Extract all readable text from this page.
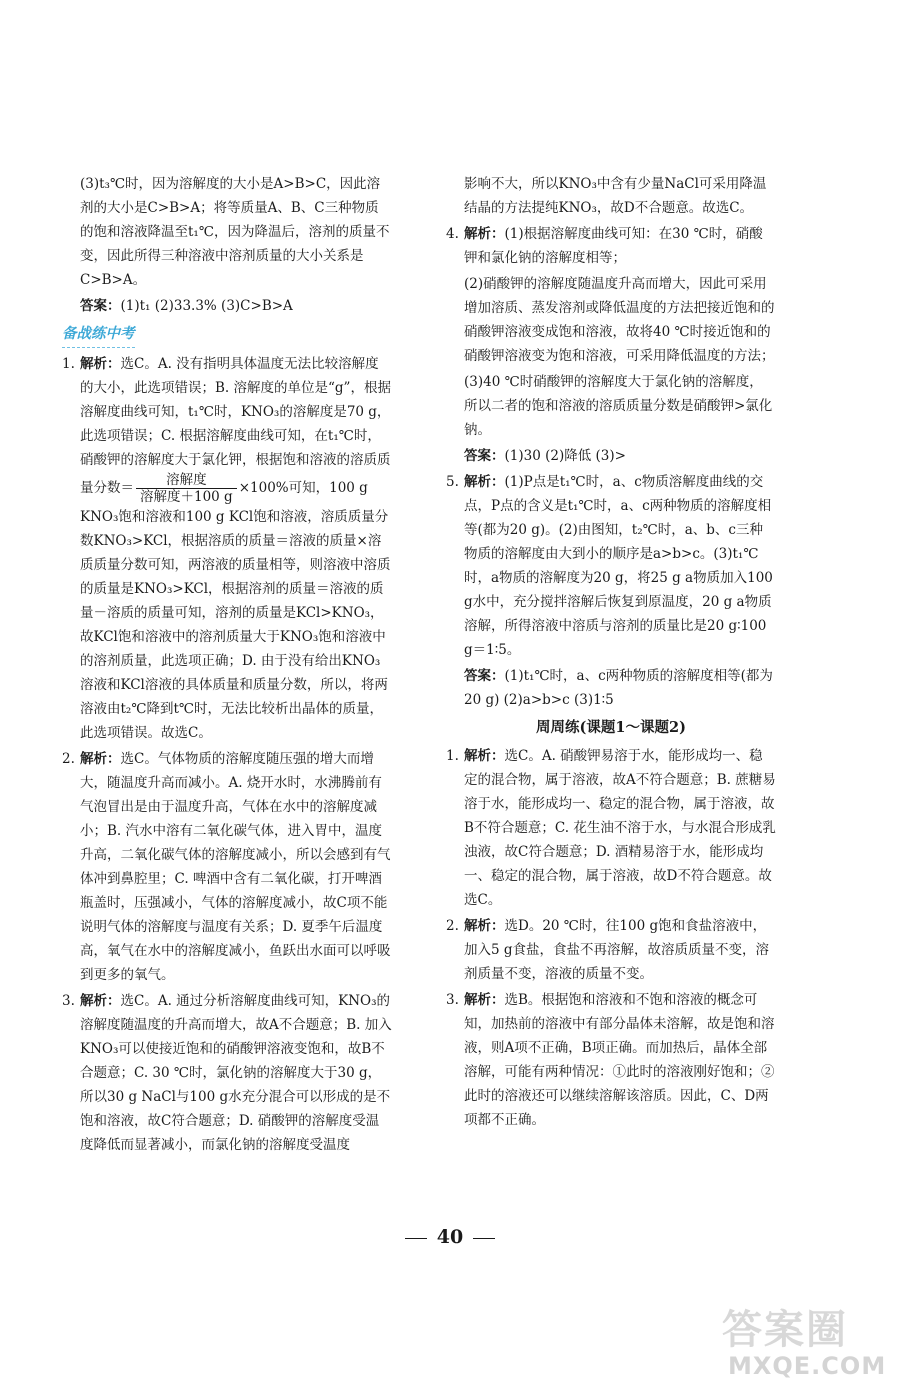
(3)t₃℃时，因为溶解度的大小是A>B>C，因此溶剂的大小是C>B>A；将等质量A、B、C三种物质的饱和溶液降温至t₁℃，因为降温后，溶剂的质量不变，因此所得三种溶液中溶剂质量的大小关系是C>B>A。

答案：(1)t₁ (2)33.3% (3)C>B>A

备战练中考
1. 解析：选C。A. 没有指明具体温度无法比较溶解度的大小，此选项错误；B. 溶解度的单位是“g”，根据溶解度曲线可知，t₁℃时，KNO₃的溶解度是70 g，此选项错误；C. 根据溶解度曲线可知，在t₁℃时，硝酸钾的溶解度大于氯化钾，根据饱和溶液的溶质质量分数＝ $\frac{\text{溶解度}}{\text{溶解度＋100 g}} \times 100\%$可知，100 g KNO₃饱和溶液和100 g KCl饱和溶液，溶质质量分数KNO₃>KCl，根据溶质的质量＝溶液的质量×溶质质量分数可知，两溶液的质量相等，则溶液中溶质的质量是KNO₃>KCl，根据溶剂的质量＝溶液的质量－溶质的质量可知，溶剂的质量是KCl>KNO₃，故KCl饱和溶液中的溶剂质量大于KNO₃饱和溶液中的溶剂质量，此选项正确；D. 由于没有给出KNO₃溶液和KCl溶液的具体质量和质量分数，所以，将两溶液由t₂℃降到t℃时，无法比较析出晶体的质量，此选项错误。故选C。
2. 解析：选C。气体物质的溶解度随压强的增大而增大，随温度升高而减小。A. 烧开水时，水沸腾前有气泡冒出是由于温度升高，气体在水中的溶解度减小；B. 汽水中溶有二氧化碳气体，进入胃中，温度升高，二氧化碳气体的溶解度减小，所以会感到有气体冲到鼻腔里；C. 啤酒中含有二氧化碳，打开啤酒瓶盖时，压强减小，气体的溶解度减小，故C项不能说明气体的溶解度与温度有关系；D. 夏季午后温度高，氧气在水中的溶解度减小，鱼跃出水面可以呼吸到更多的氧气。
3. 解析：选C。A. 通过分析溶解度曲线可知，KNO₃的溶解度随温度的升高而增大，故A不合题意；B. 加入KNO₃可以使接近饱和的硝酸钾溶液变饱和，故B不合题意；C. 30 ℃时，氯化钠的溶解度大于30 g，所以30 g NaCl与100 g水充分混合可以形成的是不饱和溶液，故C符合题意；D. 硝酸钾的溶解度受温度降低而显著减小，而氯化钠的溶解度受温度

影响不大，所以KNO₃中含有少量NaCl可采用降温结晶的方法提纯KNO₃，故D不合题意。故选C。

4. 解析：(1)根据溶解度曲线可知：在30 ℃时，硝酸钾和氯化钠的溶解度相等；

(2)硝酸钾的溶解度随温度升高而增大，因此可采用增加溶质、蒸发溶剂或降低温度的方法把接近饱和的硝酸钾溶液变成饱和溶液，故将40 ℃时接近饱和的硝酸钾溶液变为饱和溶液，可采用降低温度的方法；

(3)40 ℃时硝酸钾的溶解度大于氯化钠的溶解度，所以二者的饱和溶液的溶质质量分数是硝酸钾>氯化钠。

答案：(1)30 (2)降低 (3)>

5. 解析：(1)P点是t₁℃时，a、c物质溶解度曲线的交点，P点的含义是t₁℃时，a、c两种物质的溶解度相等(都为20 g)。(2)由图知，t₂℃时，a、b、c三种物质的溶解度由大到小的顺序是a>b>c。(3)t₁℃时，a物质的溶解度为20 g，将25 g a物质加入100 g水中，充分搅拌溶解后恢复到原温度，20 g a物质溶解，所得溶液中溶质与溶剂的质量比是20 g∶100 g＝1∶5。

答案：(1)t₁℃时，a、c两种物质的溶解度相等(都为20 g) (2)a>b>c (3)1∶5

周周练(课题1～课题2)
1. 解析：选C。A. 硝酸钾易溶于水，能形成均一、稳定的混合物，属于溶液，故A不符合题意；B. 蔗糖易溶于水，能形成均一、稳定的混合物，属于溶液，故B不符合题意；C. 花生油不溶于水，与水混合形成乳浊液，故C符合题意；D. 酒精易溶于水，能形成均一、稳定的混合物，属于溶液，故D不符合题意。故选C。
2. 解析：选D。20 ℃时，往100 g饱和食盐溶液中，加入5 g食盐，食盐不再溶解，故溶质质量不变，溶剂质量不变，溶液的质量不变。
3. 解析：选B。根据饱和溶液和不饱和溶液的概念可知，加热前的溶液中有部分晶体未溶解，故是饱和溶液，则A项不正确，B项正确。而加热后，晶体全部溶解，可能有两种情况：①此时的溶液刚好饱和；②此时的溶液还可以继续溶解该溶质。因此，C、D两项都不正确。
40
答案圈
MXQE.COM
